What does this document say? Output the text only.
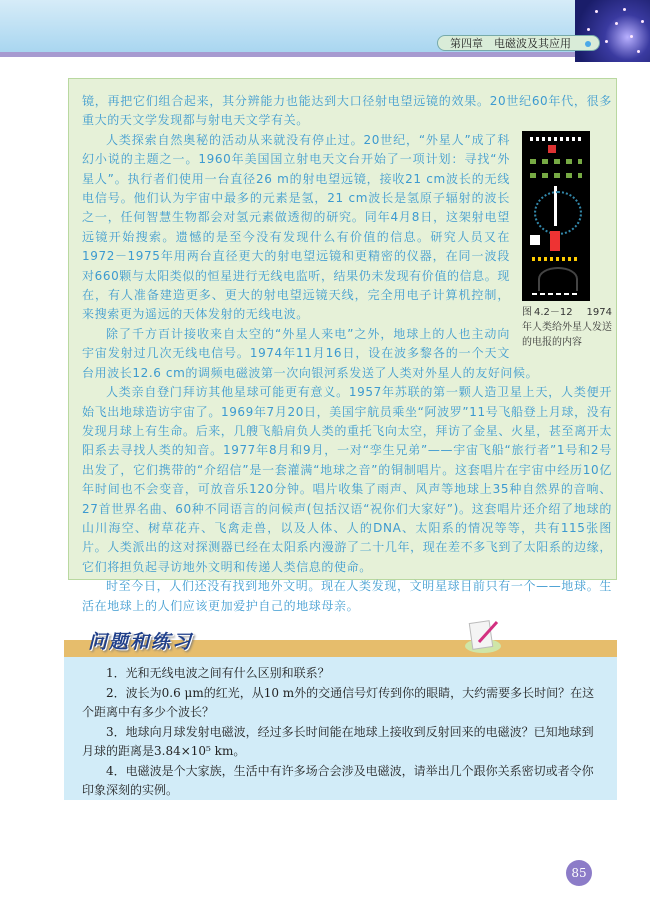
第四章　电磁波及其应用

镜，再把它们组合起来，其分辨能力也能达到大口径射电望远镜的效果。20世纪60年代，很多重大的天文学发现都与射电天文学有关。

图4.2－12　1974年人类给外星人发送的电报的内容

人类探索自然奥秘的活动从来就没有停止过。20世纪，“外星人”成了科幻小说的主题之一。1960年美国国立射电天文台开始了一项计划：寻找“外星人”。执行者们使用一台直径26 m的射电望远镜，接收21 cm波长的无线电信号。他们认为宇宙中最多的元素是氢，21 cm波长是氢原子辐射的波长之一，任何智慧生物都会对氢元素做透彻的研究。同年4月8日，这架射电望远镜开始搜索。遗憾的是至今没有发现什么有价值的信息。研究人员又在1972－1975年用两台直径更大的射电望远镜和更精密的仪器，在同一波段对660颗与太阳类似的恒星进行无线电监听，结果仍未发现有价值的信息。现在，有人准备建造更多、更大的射电望远镜天线，完全用电子计算机控制，来搜索更为遥远的天体发射的无线电波。

除了千方百计接收来自太空的“外星人来电”之外，地球上的人也主动向宇宙发射过几次无线电信号。1974年11月16日，设在波多黎各的一个天文台用波长12.6 cm的调频电磁波第一次向银河系发送了人类对外星人的友好问候。

人类亲自登门拜访其他星球可能更有意义。1957年苏联的第一颗人造卫星上天，人类便开始飞出地球造访宇宙了。1969年7月20日，美国宇航员乘坐“阿波罗”11号飞船登上月球，没有发现月球上有生命。后来，几艘飞船肩负人类的重托飞向太空，拜访了金星、火星，甚至离开太阳系去寻找人类的知音。1977年8月和9月，一对“孪生兄弟”——宇宙飞船“旅行者”1号和2号出发了，它们携带的“介绍信”是一套灌满“地球之音”的铜制唱片。这套唱片在宇宙中经历10亿年时间也不会变音，可放音乐120分钟。唱片收集了雨声、风声等地球上35种自然界的音响、27首世界名曲、60种不同语言的问候声(包括汉语“祝你们大家好”)。这套唱片还介绍了地球的山川海空、树草花卉、飞禽走兽，以及人体、人的DNA、太阳系的情况等等，共有115张图片。人类派出的这对探测器已经在太阳系内漫游了二十几年，现在差不多飞到了太阳系的边缘，它们将担负起寻访地外文明和传递人类信息的使命。

时至今日，人们还没有找到地外文明。现在人类发现，文明星球目前只有一个——地球。生活在地球上的人们应该更加爱护自己的地球母亲。

问题和练习

1．光和无线电波之间有什么区别和联系？

2．波长为0.6 μm的红光，从10 m外的交通信号灯传到你的眼睛，大约需要多长时间？在这个距离中有多少个波长？

3．地球向月球发射电磁波，经过多长时间能在地球上接收到反射回来的电磁波？已知地球到月球的距离是3.84×10⁵ km。

4．电磁波是个大家族，生活中有许多场合会涉及电磁波，请举出几个跟你关系密切或者令你印象深刻的实例。

85
